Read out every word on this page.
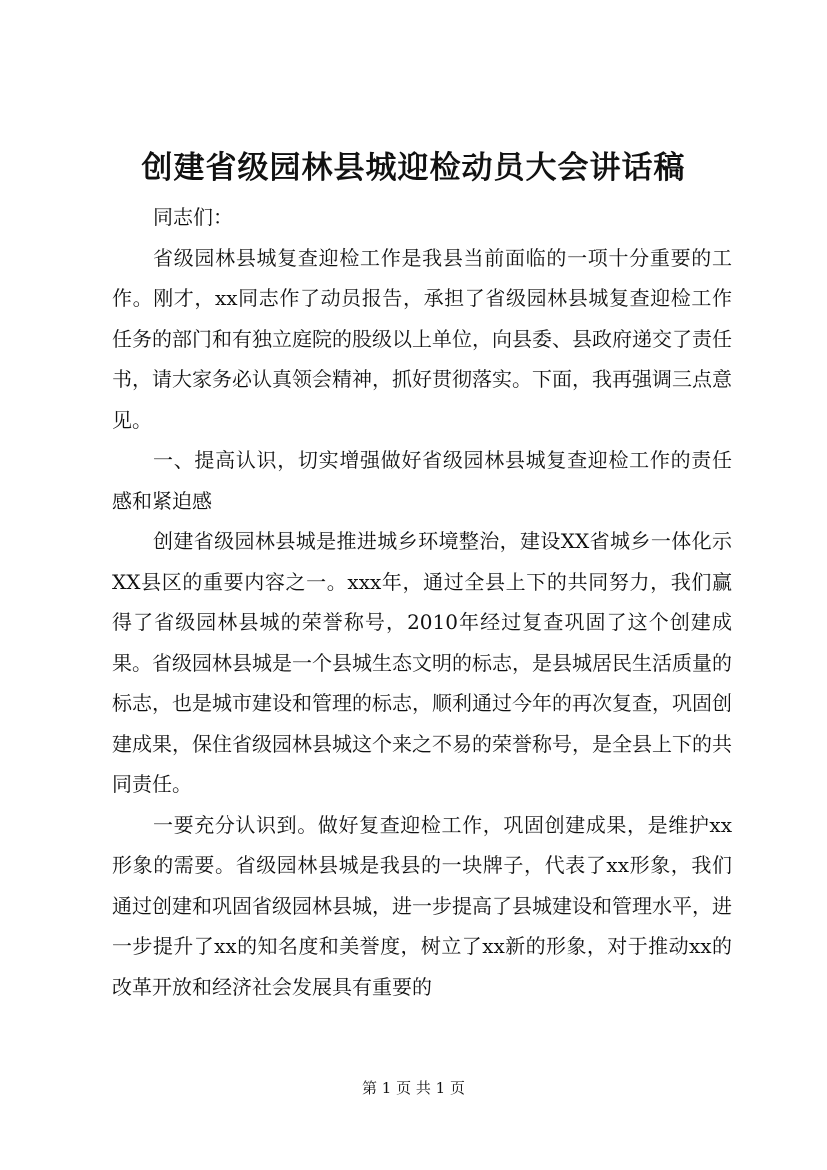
创建省级园林县城迎检动员大会讲话稿

同志们：

省级园林县城复查迎检工作是我县当前面临的一项十分重要的工作。刚才，xx同志作了动员报告，承担了省级园林县城复查迎检工作任务的部门和有独立庭院的股级以上单位，向县委、县政府递交了责任书，请大家务必认真领会精神，抓好贯彻落实。下面，我再强调三点意见。

一、提高认识，切实增强做好省级园林县城复查迎检工作的责任感和紧迫感

创建省级园林县城是推进城乡环境整治，建设XX省城乡一体化示XX县区的重要内容之一。xxx年，通过全县上下的共同努力，我们赢得了省级园林县城的荣誉称号，2010年经过复查巩固了这个创建成果。省级园林县城是一个县城生态文明的标志，是县城居民生活质量的标志，也是城市建设和管理的标志，顺利通过今年的再次复查，巩固创建成果，保住省级园林县城这个来之不易的荣誉称号，是全县上下的共同责任。

一要充分认识到。做好复查迎检工作，巩固创建成果，是维护xx形象的需要。省级园林县城是我县的一块牌子，代表了xx形象，我们通过创建和巩固省级园林县城，进一步提高了县城建设和管理水平，进一步提升了xx的知名度和美誉度，树立了xx新的形象，对于推动xx的改革开放和经济社会发展具有重要的

第 1 页 共 1 页
